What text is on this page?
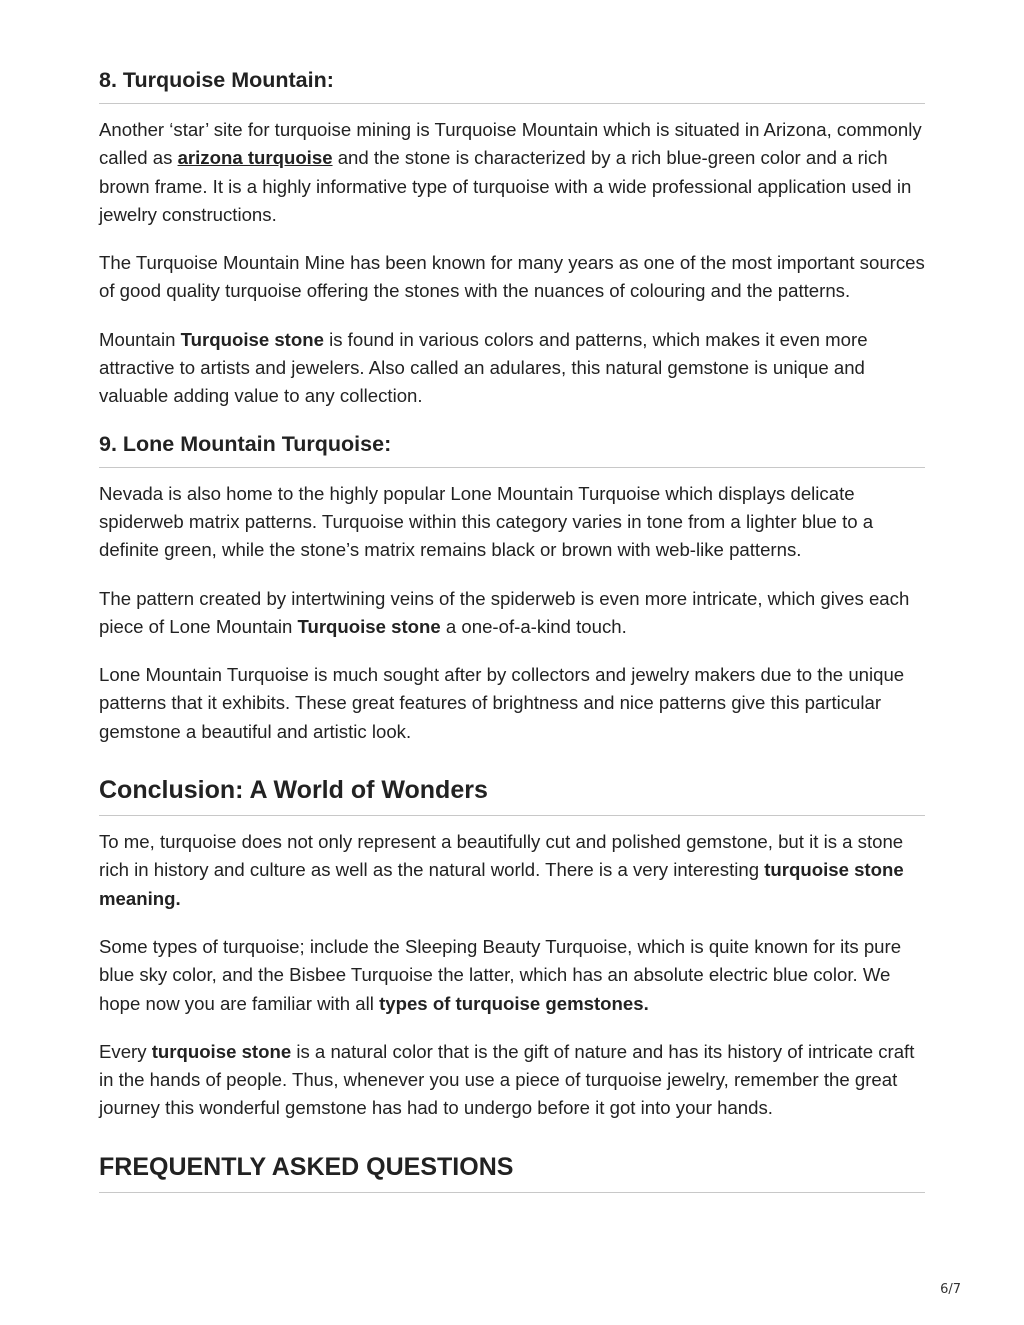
8. Turquoise Mountain:

Another ‘star’ site for turquoise mining is Turquoise Mountain which is situated in Arizona, commonly called as arizona turquoise and the stone is characterized by a rich blue-green color and a rich brown frame. It is a highly informative type of turquoise with a wide professional application used in jewelry constructions.

The Turquoise Mountain Mine has been known for many years as one of the most important sources of good quality turquoise offering the stones with the nuances of colouring and the patterns.

Mountain Turquoise stone is found in various colors and patterns, which makes it even more attractive to artists and jewelers. Also called an adulares, this natural gemstone is unique and valuable adding value to any collection.

9. Lone Mountain Turquoise:

Nevada is also home to the highly popular Lone Mountain Turquoise which displays delicate spiderweb matrix patterns. Turquoise within this category varies in tone from a lighter blue to a definite green, while the stone’s matrix remains black or brown with web-like patterns.

The pattern created by intertwining veins of the spiderweb is even more intricate, which gives each piece of Lone Mountain Turquoise stone a one-of-a-kind touch.

Lone Mountain Turquoise is much sought after by collectors and jewelry makers due to the unique patterns that it exhibits. These great features of brightness and nice patterns give this particular gemstone a beautiful and artistic look.

Conclusion: A World of Wonders

To me, turquoise does not only represent a beautifully cut and polished gemstone, but it is a stone rich in history and culture as well as the natural world. There is a very interesting turquoise stone meaning.

Some types of turquoise; include the Sleeping Beauty Turquoise, which is quite known for its pure blue sky color, and the Bisbee Turquoise the latter, which has an absolute electric blue color. We hope now you are familiar with all types of turquoise gemstones.

Every turquoise stone is a natural color that is the gift of nature and has its history of intricate craft in the hands of people. Thus, whenever you use a piece of turquoise jewelry, remember the great journey this wonderful gemstone has had to undergo before it got into your hands.

FREQUENTLY ASKED QUESTIONS
6/7
